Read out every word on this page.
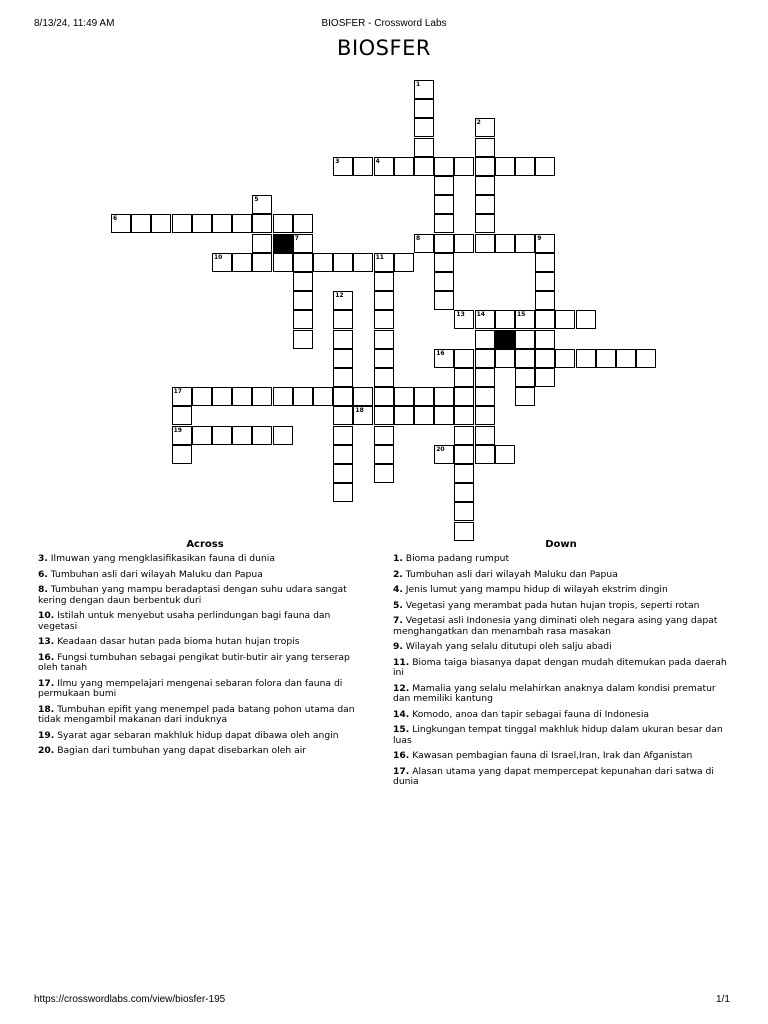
8/13/24, 11:49 AM	BIOSFER - Crossword Labs
BIOSFER
1
2
3	4
5
6
7	8	9
10	11
12
13 14	15
16
17
18
19
20
Across	Down
3. Ilmuwan yang mengklasifikasikan fauna di dunia
6. Tumbuhan asli dari wilayah Maluku dan Papua
8. Tumbuhan yang mampu beradaptasi dengan suhu udara sangat kering dengan daun berbentuk duri
10. Istilah untuk menyebut usaha perlindungan bagi fauna dan vegetasi
13. Keadaan dasar hutan pada bioma hutan hujan tropis
16. Fungsi tumbuhan sebagai pengikat butir-butir air yang terserap oleh tanah
17. Ilmu yang mempelajari mengenai sebaran folora dan fauna di permukaan bumi
18. Tumbuhan epifit yang menempel pada batang pohon utama dan tidak mengambil makanan dari induknya
19. Syarat agar sebaran makhluk hidup dapat dibawa oleh angin
20. Bagian dari tumbuhan yang dapat disebarkan oleh air
1. Bioma padang rumput
2. Tumbuhan asli dari wilayah Maluku dan Papua
4. Jenis lumut yang mampu hidup di wilayah ekstrim dingin
5. Vegetasi yang merambat pada hutan hujan tropis, seperti rotan
7. Vegetasi asli Indonesia yang diminati oleh negara asing yang dapat menghangatkan dan menambah rasa masakan
9. Wilayah yang selalu ditutupi oleh salju abadi
11. Bioma taiga biasanya dapat dengan mudah ditemukan pada daerah ini
12. Mamalia yang selalu melahirkan anaknya dalam kondisi prematur dan memiliki kantung
14. Komodo, anoa dan tapir sebagai fauna di Indonesia
15. Lingkungan tempat tinggal makhluk hidup dalam ukuran besar dan luas
16. Kawasan pembagian fauna di Israel,Iran, Irak dan Afganistan
17. Alasan utama yang dapat mempercepat kepunahan dari satwa di dunia
https://crosswordlabs.com/view/biosfer-195	1/1
